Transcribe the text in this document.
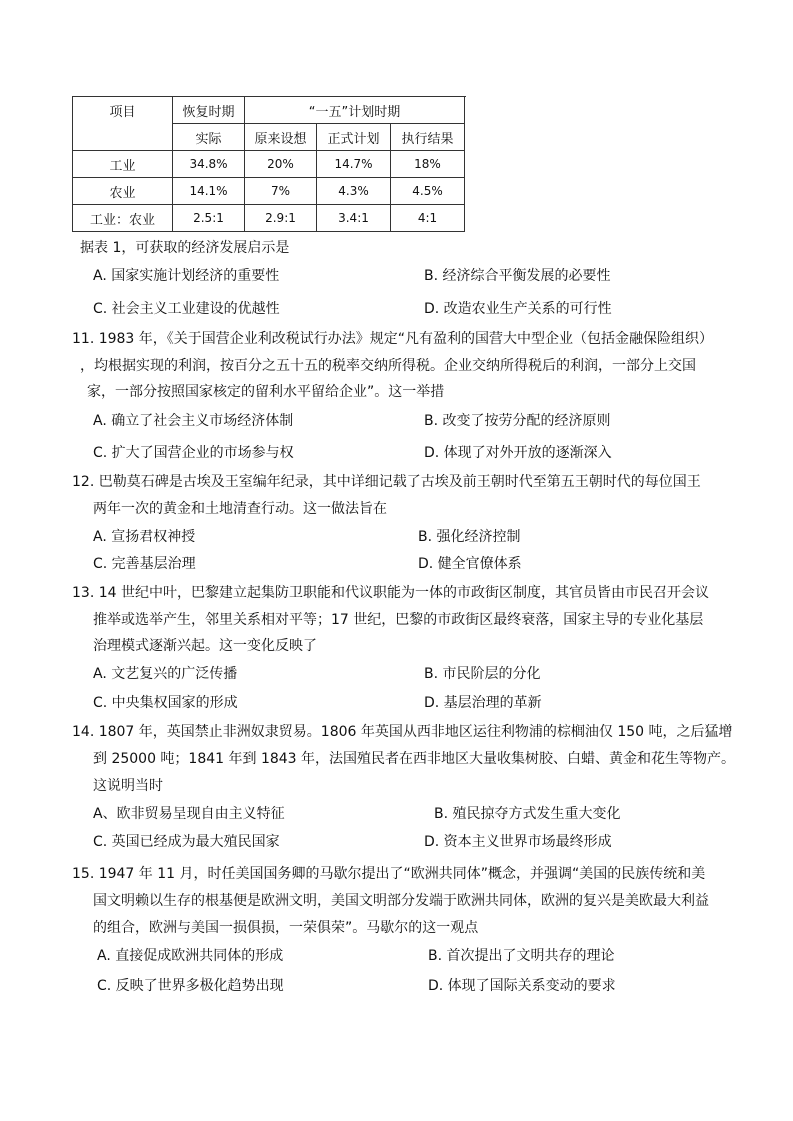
项目	恢复时期	“一五”计划时期		
	实际	原来设想	正式计划	执行结果
工业	34.8%	20%	14.7%	18%
农业	14.1%	7%	4.3%	4.5%
工业：农业	2.5:1	2.9:1	3.4:1	4:1
据表 1，可获取的经济发展启示是
A. 国家实施计划经济的重要性	B. 经济综合平衡发展的必要性
C. 社会主义工业建设的优越性	D. 改造农业生产关系的可行性
11. 1983 年，《关于国营企业利改税试行办法》规定“凡有盈利的国营大中型企业（包括金融保险组织）
，均根据实现的利润，按百分之五十五的税率交纳所得税。企业交纳所得税后的利润，一部分上交国
家，一部分按照国家核定的留利水平留给企业”。这一举措
A. 确立了社会主义市场经济体制	B. 改变了按劳分配的经济原则
C. 扩大了国营企业的市场参与权	D. 体现了对外开放的逐渐深入
12. 巴勒莫石碑是古埃及王室编年纪录，其中详细记载了古埃及前王朝时代至第五王朝时代的每位国王
两年一次的黄金和土地清查行动。这一做法旨在
A. 宣扬君权神授	B. 强化经济控制
C. 完善基层治理	D. 健全官僚体系
13. 14 世纪中叶，巴黎建立起集防卫职能和代议职能为一体的市政街区制度，其官员皆由市民召开会议
推举或选举产生，邻里关系相对平等；17 世纪，巴黎的市政街区最终衰落，国家主导的专业化基层
治理模式逐渐兴起。这一变化反映了
A. 文艺复兴的广泛传播	B. 市民阶层的分化
C. 中央集权国家的形成	D. 基层治理的革新
14. 1807 年，英国禁止非洲奴隶贸易。1806 年英国从西非地区运往利物浦的棕榈油仅 150 吨，之后猛增
到 25000 吨；1841 年到 1843 年，法国殖民者在西非地区大量收集树胶、白蜡、黄金和花生等物产。
这说明当时
A、欧非贸易呈现自由主义特征	B. 殖民掠夺方式发生重大变化
C. 英国已经成为最大殖民国家	D. 资本主义世界市场最终形成
15. 1947 年 11 月，时任美国国务卿的马歇尔提出了“欧洲共同体”概念，并强调“美国的民族传统和美
国文明赖以生存的根基便是欧洲文明，美国文明部分发端于欧洲共同体，欧洲的复兴是美欧最大利益
的组合，欧洲与美国一损俱损，一荣俱荣”。马歇尔的这一观点
A. 直接促成欧洲共同体的形成	B. 首次提出了文明共存的理论
C. 反映了世界多极化趋势出现	D. 体现了国际关系变动的要求
